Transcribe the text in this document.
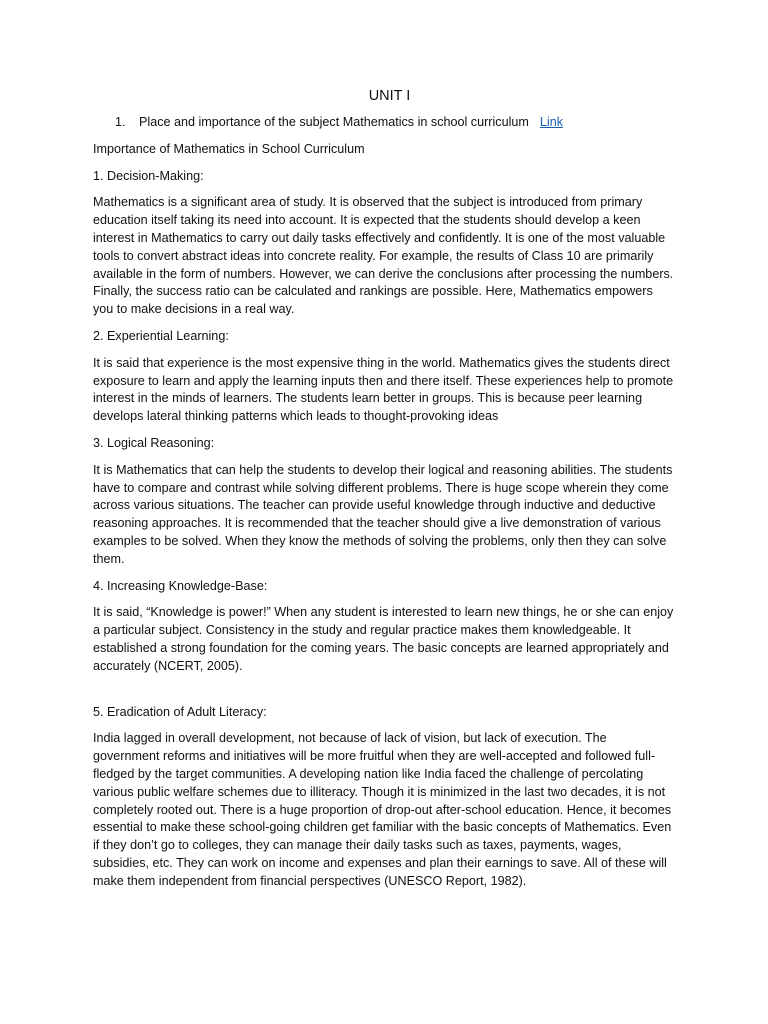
UNIT I
1. Place and importance of the subject Mathematics in school curriculum Link
Importance of Mathematics in School Curriculum
1. Decision-Making:
Mathematics is a significant area of study. It is observed that the subject is introduced from primary education itself taking its need into account. It is expected that the students should develop a keen interest in Mathematics to carry out daily tasks effectively and confidently. It is one of the most valuable tools to convert abstract ideas into concrete reality. For example, the results of Class 10 are primarily available in the form of numbers. However, we can derive the conclusions after processing the numbers. Finally, the success ratio can be calculated and rankings are possible. Here, Mathematics empowers you to make decisions in a real way.
2. Experiential Learning:
It is said that experience is the most expensive thing in the world. Mathematics gives the students direct exposure to learn and apply the learning inputs then and there itself. These experiences help to promote interest in the minds of learners. The students learn better in groups. This is because peer learning develops lateral thinking patterns which leads to thought-provoking ideas
3. Logical Reasoning:
It is Mathematics that can help the students to develop their logical and reasoning abilities. The students have to compare and contrast while solving different problems. There is huge scope wherein they come across various situations. The teacher can provide useful knowledge through inductive and deductive reasoning approaches. It is recommended that the teacher should give a live demonstration of various examples to be solved. When they know the methods of solving the problems, only then they can solve them.
4. Increasing Knowledge-Base:
It is said, “Knowledge is power!” When any student is interested to learn new things, he or she can enjoy a particular subject. Consistency in the study and regular practice makes them knowledgeable. It established a strong foundation for the coming years. The basic concepts are learned appropriately and accurately (NCERT, 2005).
5. Eradication of Adult Literacy:
India lagged in overall development, not because of lack of vision, but lack of execution. The government reforms and initiatives will be more fruitful when they are well-accepted and followed full-fledged by the target communities. A developing nation like India faced the challenge of percolating various public welfare schemes due to illiteracy. Though it is minimized in the last two decades, it is not completely rooted out. There is a huge proportion of drop-out after-school education. Hence, it becomes essential to make these school-going children get familiar with the basic concepts of Mathematics. Even if they don’t go to colleges, they can manage their daily tasks such as taxes, payments, wages, subsidies, etc. They can work on income and expenses and plan their earnings to save. All of these will make them independent from financial perspectives (UNESCO Report, 1982).
